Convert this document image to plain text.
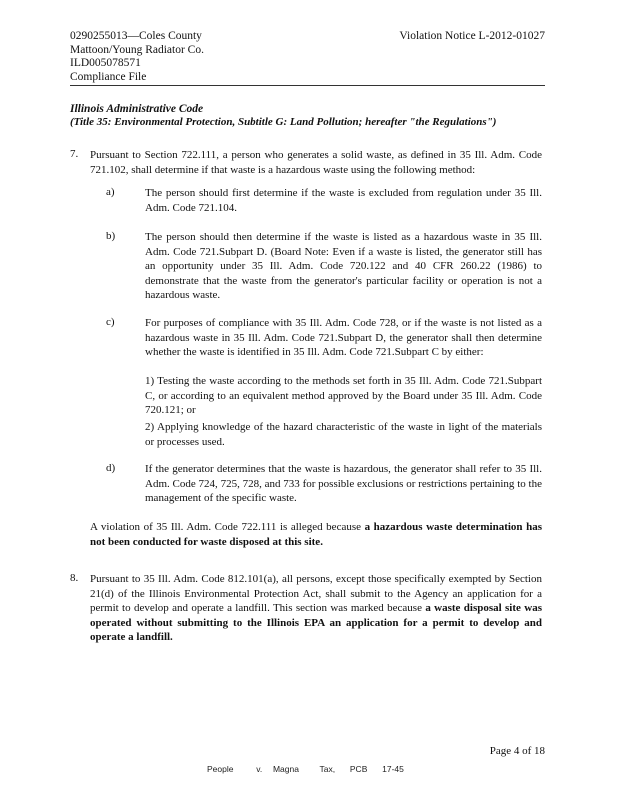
0290255013—Coles County
Mattoon/Young Radiator Co.
ILD005078571
Compliance File
Violation Notice L-2012-01027
Illinois Administrative Code
(Title 35: Environmental Protection, Subtitle G: Land Pollution; hereafter "the Regulations")
7. Pursuant to Section 722.111, a person who generates a solid waste, as defined in 35 Ill. Adm. Code 721.102, shall determine if that waste is a hazardous waste using the following method:
a)	The person should first determine if the waste is excluded from regulation under 35 Ill. Adm. Code 721.104.
b)	The person should then determine if the waste is listed as a hazardous waste in 35 Ill. Adm. Code 721.Subpart D. (Board Note: Even if a waste is listed, the generator still has an opportunity under 35 Ill. Adm. Code 720.122 and 40 CFR 260.22 (1986) to demonstrate that the waste from the generator's particular facility or operation is not a hazardous waste.
c)	For purposes of compliance with 35 Ill. Adm. Code 728, or if the waste is not listed as a hazardous waste in 35 Ill. Adm. Code 721.Subpart D, the generator shall then determine whether the waste is identified in 35 Ill. Adm. Code 721.Subpart C by either:
1) Testing the waste according to the methods set forth in 35 Ill. Adm. Code 721.Subpart C, or according to an equivalent method approved by the Board under 35 Ill. Adm. Code 720.121; or
2) Applying knowledge of the hazard characteristic of the waste in light of the materials or processes used.
d)	If the generator determines that the waste is hazardous, the generator shall refer to 35 Ill. Adm. Code 724, 725, 728, and 733 for possible exclusions or restrictions pertaining to the management of the specific waste.
A violation of 35 Ill. Adm. Code 722.111 is alleged because a hazardous waste determination has not been conducted for waste disposed at this site.
8. Pursuant to 35 Ill. Adm. Code 812.101(a), all persons, except those specifically exempted by Section 21(d) of the Illinois Environmental Protection Act, shall submit to the Agency an application for a permit to develop and operate a landfill. This section was marked because a waste disposal site was operated without submitting to the Illinois EPA an application for a permit to develop and operate a landfill.
Page 4 of 18
People	v. Magna Tax, PCB 17-45
